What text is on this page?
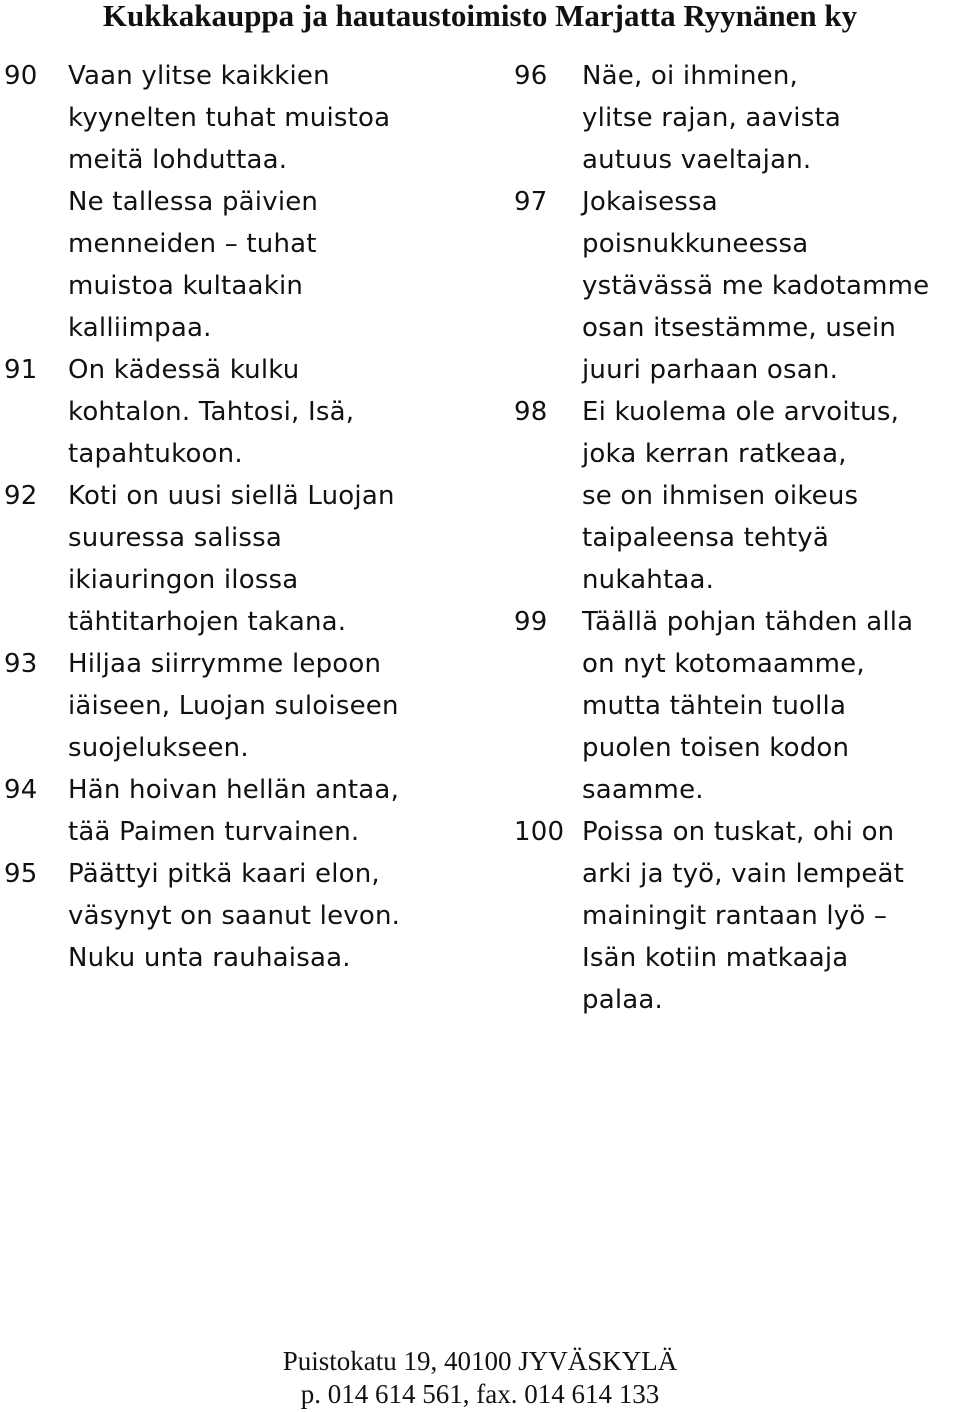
Kukkakauppa ja hautaustoimisto Marjatta Ryynänen ky
90	Vaan ylitse kaikkien
kyynelten tuhat muistoa
meitä lohduttaa.
Ne tallessa päivien
menneiden – tuhat
muistoa kultaakin
kalliimpaa.
91	On kädessä kulku
kohtalon. Tahtosi, Isä,
tapahtukoon.
92	Koti on uusi siellä Luojan
suuressa salissa
ikiauringon ilossa
tähtitarhojen takana.
93	Hiljaa siirrymme lepoon
iäiseen, Luojan suloiseen
suojelukseen.
94	Hän hoivan hellän antaa,
tää Paimen turvainen.
95	Päättyi pitkä kaari elon,
väsynyt on saanut levon.
Nuku unta rauhaisaa.
96	Näe, oi ihminen,
ylitse rajan, aavista
autuus vaeltajan.
97	Jokaisessa
poisnukkuneessa
ystävässä me kadotamme
osan itsestämme, usein
juuri parhaan osan.
98	Ei kuolema ole arvoitus,
joka kerran ratkeaa,
se on ihmisen oikeus
taipaleensa tehtyä
nukahtaa.
99	Täällä pohjan tähden alla
on nyt kotomaamme,
mutta tähtein tuolla
puolen toisen kodon
saamme.
100 Poissa on tuskat, ohi on
arki ja työ, vain lempeät
mainingit rantaan lyö –
Isän kotiin matkaaja
palaa.
Puistokatu 19, 40100 JYVÄSKYLÄ
p. 014 614 561, fax. 014 614 133
